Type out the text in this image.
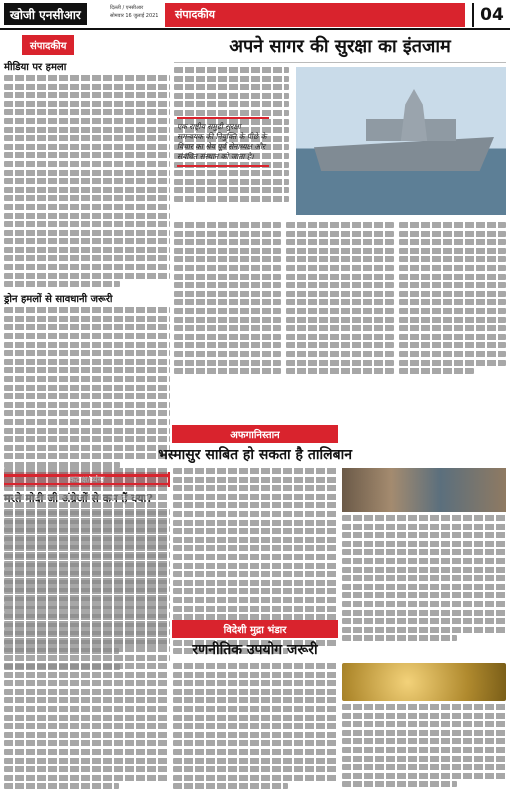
खोजी एनसीआर	दिल्ली / एनसीआर
सोमवार 16 जुलाई 2021	संपादकीय	04
संपादकीय
मीडिया पर हमला
ड्रोन हमलों से सावधानी जरूरी
अपने सागर की सुरक्षा का इंतजाम
एक राष्ट्रीय समुद्री सुरक्षा समन्वयक की नियुक्ति के पीछे के विचार का श्रेय पूर्व सेनाध्यक्ष और संबंधित संस्थान को जाता है।
अफगानिस्तान
भस्मासुर साबित हो सकता है तालिबान
विदेशी मुद्रा भंडार
रणनीतिक उपयोग जरूरी
